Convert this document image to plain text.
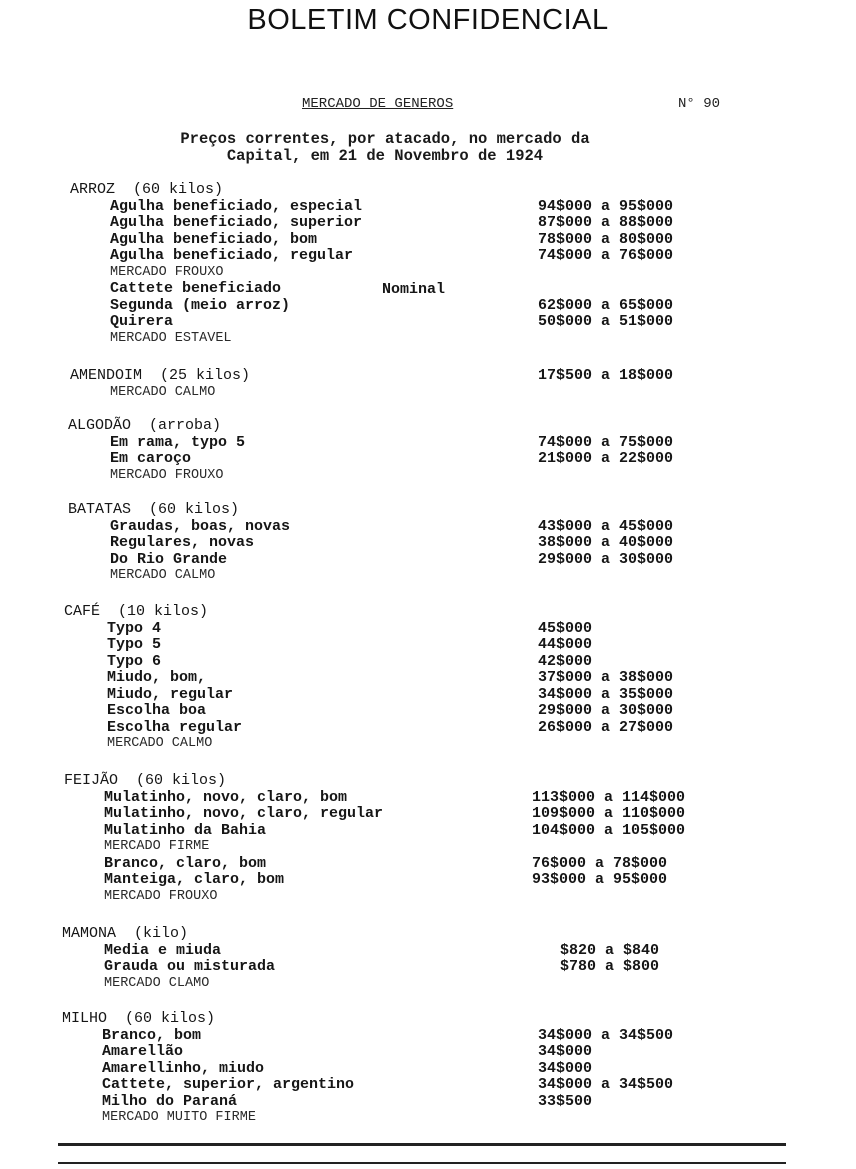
BOLETIM CONFIDENCIAL
MERCADO DE GENEROS	N° 90
Preços correntes, por atacado, no mercado da
Capital, em 21 de Novembro de 1924
ARROZ  (60 kilos)
Agulha beneficiado, especial	94$000 a 95$000
Agulha beneficiado, superior	87$000 a 88$000
Agulha beneficiado, bom	78$000 a 80$000
Agulha beneficiado, regular	74$000 a 76$000
MERCADO FROUXO
Cattete beneficiado	Nominal
Segunda (meio arroz)	62$000 a 65$000
Quirera	50$000 a 51$000
MERCADO ESTAVEL
AMENDOIM  (25 kilos)	17$500 a 18$000
MERCADO CALMO
ALGODÃO  (arroba)
Em rama, typo 5	74$000 a 75$000
Em caroço	21$000 a 22$000
MERCADO FROUXO
BATATAS  (60 kilos)
Graudas, boas, novas	43$000 a 45$000
Regulares, novas	38$000 a 40$000
Do Rio Grande	29$000 a 30$000
MERCADO CALMO
CAFÉ  (10 kilos)
Typo 4	45$000
Typo 5	44$000
Typo 6	42$000
Miudo, bom,	37$000 a 38$000
Miudo, regular	34$000 a 35$000
Escolha boa	29$000 a 30$000
Escolha regular	26$000 a 27$000
MERCADO CALMO
FEIJÃO  (60 kilos)
Mulatinho, novo, claro, bom	113$000 a 114$000
Mulatinho, novo, claro, regular	109$000 a 110$000
Mulatinho da Bahia	104$000 a 105$000
MERCADO FIRME
Branco, claro, bom	76$000 a 78$000
Manteiga, claro, bom	93$000 a 95$000
MERCADO FROUXO
MAMONA  (kilo)
Media e miuda	$820 a $840
Grauda ou misturada	$780 a $800
MERCADO CLAMO
MILHO  (60 kilos)
Branco, bom	34$000 a 34$500
Amarellão	34$000
Amarellinho, miudo	34$000
Cattete, superior, argentino	34$000 a 34$500
Milho do Paraná	33$500
MERCADO MUITO FIRME
